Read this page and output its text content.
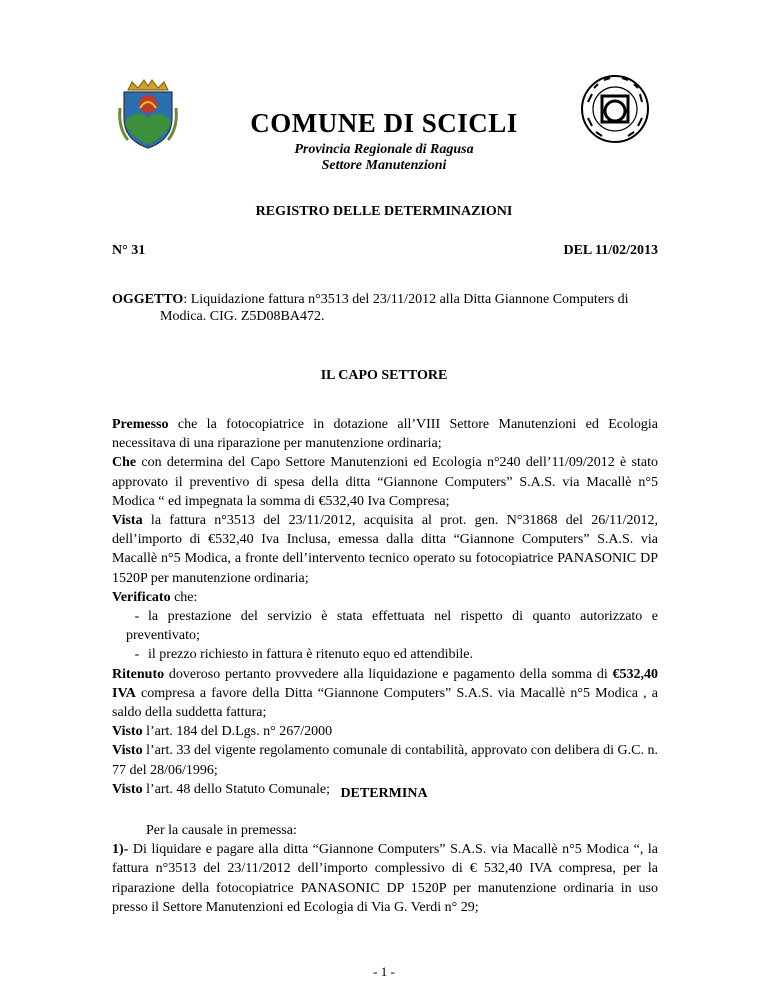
COMUNE DI SCICLI
Provincia Regionale di Ragusa
Settore Manutenzioni
REGISTRO DELLE DETERMINAZIONI
N° 31	DEL 11/02/2013
OGGETTO: Liquidazione fattura n°3513 del 23/11/2012 alla Ditta Giannone Computers di
Modica. CIG. Z5D08BA472.
IL CAPO SETTORE

Premesso che la fotocopiatrice in dotazione all’VIII Settore Manutenzioni ed Ecologia necessitava di una riparazione per manutenzione ordinaria;

Che con determina del Capo Settore Manutenzioni ed Ecologia n°240 dell’11/09/2012 è stato approvato il preventivo di spesa della ditta “Giannone Computers” S.A.S. via Macallè n°5 Modica “ ed impegnata la somma di €532,40 Iva Compresa;

Vista la fattura n°3513 del 23/11/2012, acquisita al prot. gen. N°31868 del 26/11/2012, dell’importo di €532,40 Iva Inclusa, emessa dalla ditta “Giannone Computers” S.A.S. via Macallè n°5 Modica, a fronte dell’intervento tecnico operato su fotocopiatrice PANASONIC DP 1520P per manutenzione ordinaria;

Verificato che:

- la prestazione del servizio è stata effettuata nel rispetto di quanto autorizzato e preventivato;

- il prezzo richiesto in fattura è ritenuto equo ed attendibile.

Ritenuto doveroso pertanto provvedere alla liquidazione e pagamento della somma di €532,40 IVA compresa a favore della Ditta “Giannone Computers” S.A.S. via Macallè n°5 Modica , a saldo della suddetta fattura;

Visto l’art. 184 del D.Lgs. n° 267/2000

Visto l’art. 33 del vigente regolamento comunale di contabilità, approvato con delibera di G.C. n. 77 del 28/06/1996;

Visto l’art. 48 dello Statuto Comunale; DETERMINA

Per la causale in premessa:

1)- Di liquidare e pagare alla ditta “Giannone Computers” S.A.S. via Macallè n°5 Modica “, la fattura n°3513 del 23/11/2012 dell’importo complessivo di € 532,40 IVA compresa, per la riparazione della fotocopiatrice PANASONIC DP 1520P per manutenzione ordinaria in uso presso il Settore Manutenzioni ed Ecologia di Via G. Verdi n° 29;

- 1 -
